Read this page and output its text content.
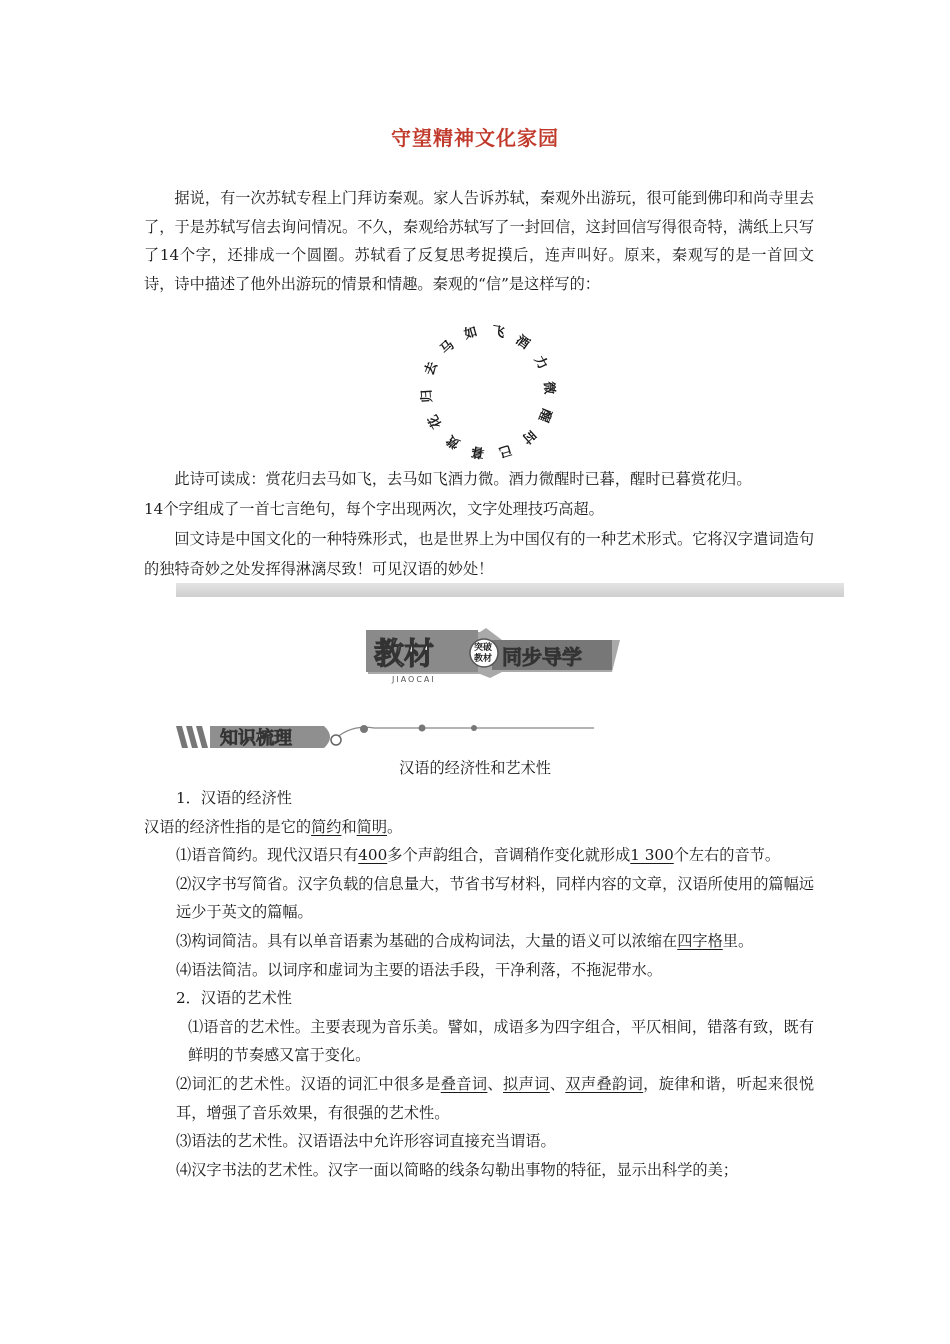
守望精神文化家园

据说，有一次苏轼专程上门拜访秦观。家人告诉苏轼，秦观外出游玩，很可能到佛印和尚寺里去了，于是苏轼写信去询问情况。不久，秦观给苏轼写了一封回信，这封回信写得很奇特，满纸上只写了14个字，还排成一个圆圈。苏轼看了反复思考捉摸后，连声叫好。原来，秦观写的是一首回文诗，诗中描述了他外出游玩的情景和情趣。秦观的“信”是这样写的：

赏
花
归
去
马
如 飞
酒
力
微
醒
时
已
暮

此诗可读成：赏花归去马如飞，去马如飞酒力微。酒力微醒时已暮，醒时已暮赏花归。

14个字组成了一首七言绝句，每个字出现两次，文字处理技巧高超。

回文诗是中国文化的一种特殊形式，也是世界上为中国仅有的一种艺术形式。它将汉字遣词造句的独特奇妙之处发挥得淋漓尽致！可见汉语的妙处！

教材	突破
教材 同步导学
JIAOCAI
知识梳理
汉语的经济性和艺术性

1．汉语的经济性

汉语的经济性指的是它的简约和简明。

⑴语音简约。现代汉语只有400多个声韵组合，音调稍作变化就形成1 300个左右的音节。

⑵汉字书写简省。汉字负载的信息量大，节省书写材料，同样内容的文章，汉语所使用的篇幅远远少于英文的篇幅。

⑶构词简洁。具有以单音语素为基础的合成构词法，大量的语义可以浓缩在四字格里。

⑷语法简洁。以词序和虚词为主要的语法手段，干净利落，不拖泥带水。

2．汉语的艺术性

⑴语音的艺术性。主要表现为音乐美。譬如，成语多为四字组合，平仄相间，错落有致，既有鲜明的节奏感又富于变化。

⑵词汇的艺术性。汉语的词汇中很多是叠音词、拟声词、双声叠韵词，旋律和谐，听起来很悦耳，增强了音乐效果，有很强的艺术性。

⑶语法的艺术性。汉语语法中允许形容词直接充当谓语。

⑷汉字书法的艺术性。汉字一面以简略的线条勾勒出事物的特征，显示出科学的美；
